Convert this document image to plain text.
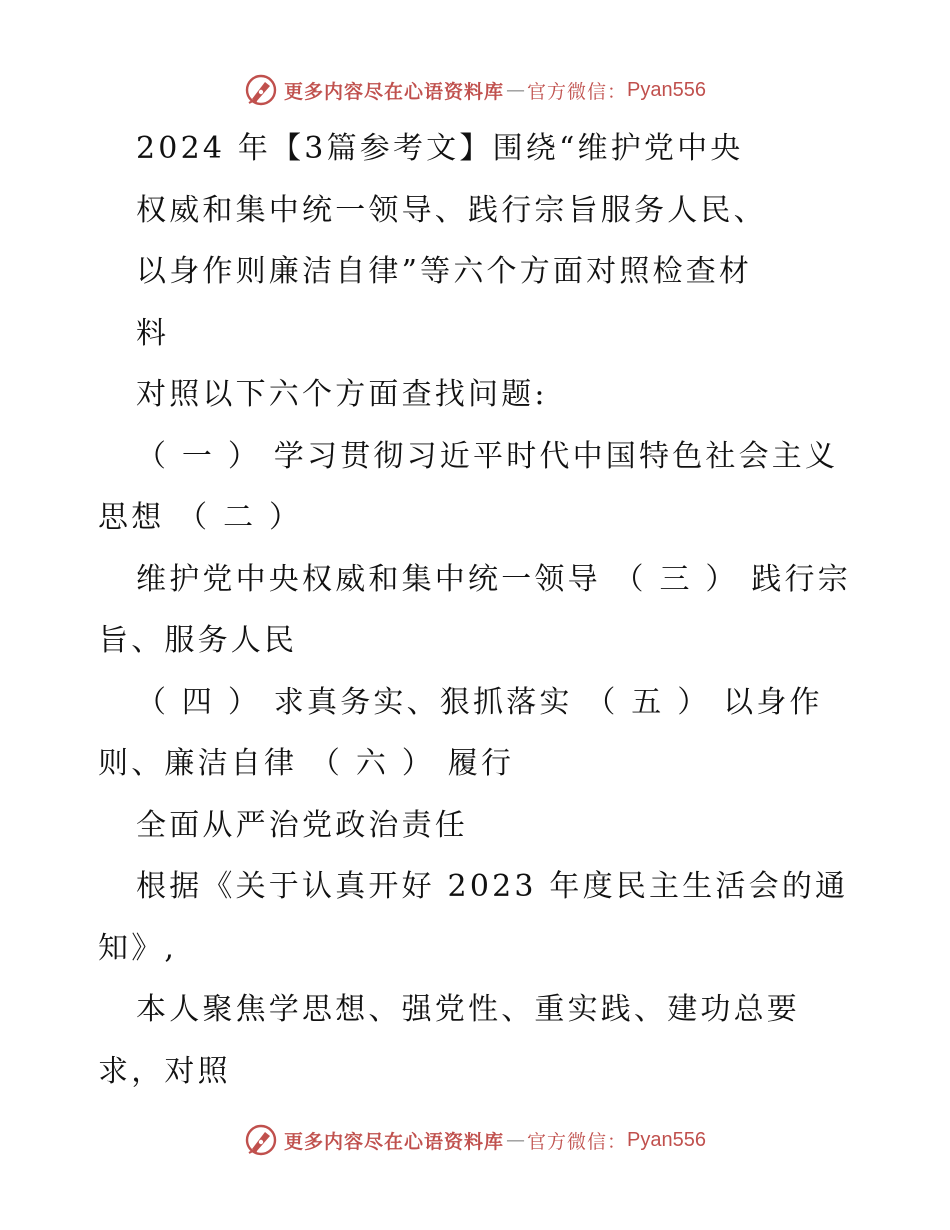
更多内容尽在心语资料库 — 官方微信： Pyan556
2024 年【3篇参考文】围绕“维护党中央
权威和集中统一领导、践行宗旨服务人民、
以身作则廉洁自律”等六个方面对照检查材
料
对照以下六个方面查找问题:
（ 一 ） 学习贯彻习近平时代中国特色社会主义
思想 （ 二 ）
维护党中央权威和集中统一领导 （ 三 ） 践行宗
旨、服务人民
（ 四 ） 求真务实、狠抓落实 （ 五 ） 以身作
则、廉洁自律 （ 六 ） 履行
全面从严治党政治责任
根据《关于认真开好 2023 年度民主生活会的通
知》,
本人聚焦学思想、强党性、重实践、建功总要
求，对照
更多内容尽在心语资料库 — 官方微信： Pyan556
